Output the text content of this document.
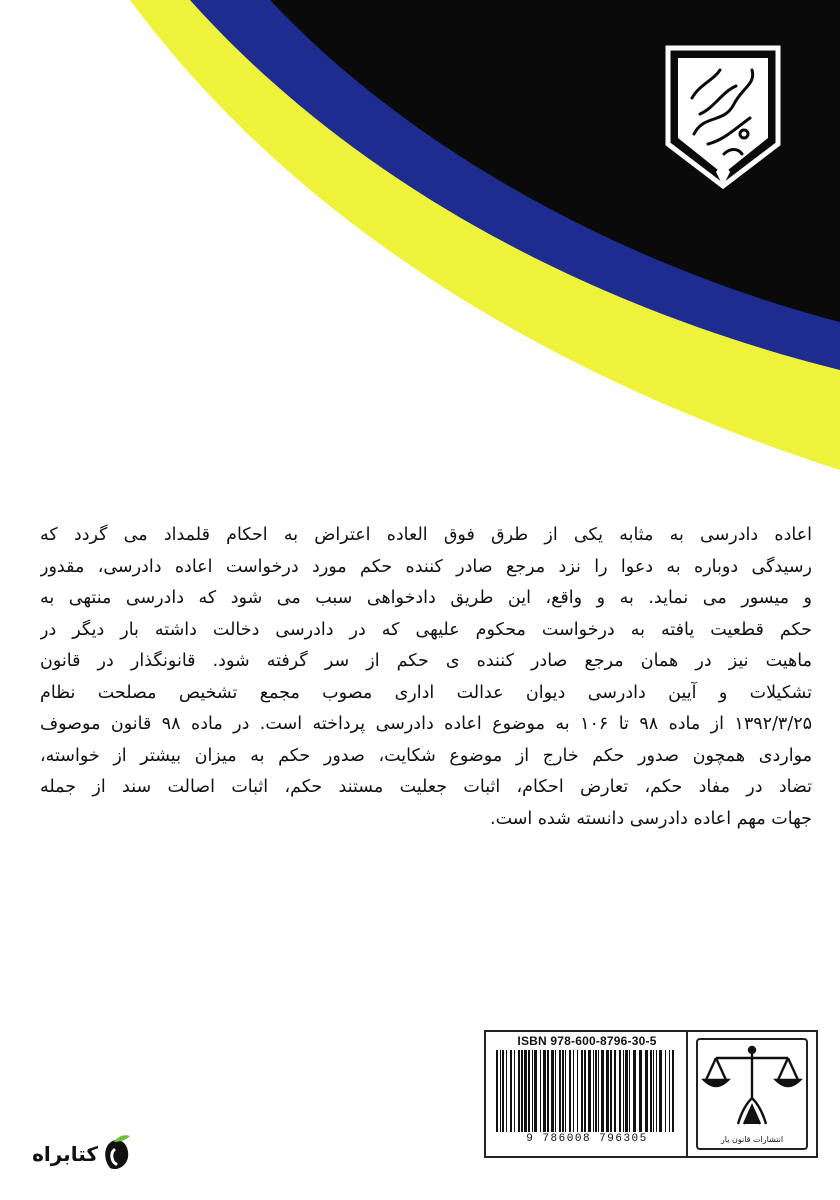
اعاده دادرسی به مثابه یکی از طرق فوق العاده اعتراض به احکام قلمداد می گردد که
رسیدگی دوباره به دعوا را نزد مرجع صادر کننده حکم مورد درخواست اعاده دادرسی، مقدور
و میسور می نماید. به و واقع، این طریق دادخواهی سبب می شود که دادرسی منتهی به
حکم قطعیت یافته به درخواست محکوم علیهی که در دادرسی دخالت داشته بار دیگر در
ماهیت نیز در همان مرجع صادر کننده ی حکم از سر گرفته شود. قانونگذار در قانون
تشکیلات و آیین دادرسی دیوان عدالت اداری مصوب مجمع تشخیص مصلحت نظام
۱۳۹۲/۳/۲۵ از ماده ۹۸ تا ۱۰۶ به موضوع اعاده دادرسی پرداخته است. در ماده ۹۸ قانون موصوف
مواردی همچون صدور حکم خارج از موضوع شکایت، صدور حکم به میزان بیشتر از خواسته،
تضاد در مفاد حکم، تعارض احکام، اثبات جعلیت مستند حکم، اثبات اصالت سند از جمله
جهات مهم اعاده دادرسی دانسته شده است.
ISBN 978-600-8796-30-5
9 786008 796305	انتشارات قانون یار
کتابراه
